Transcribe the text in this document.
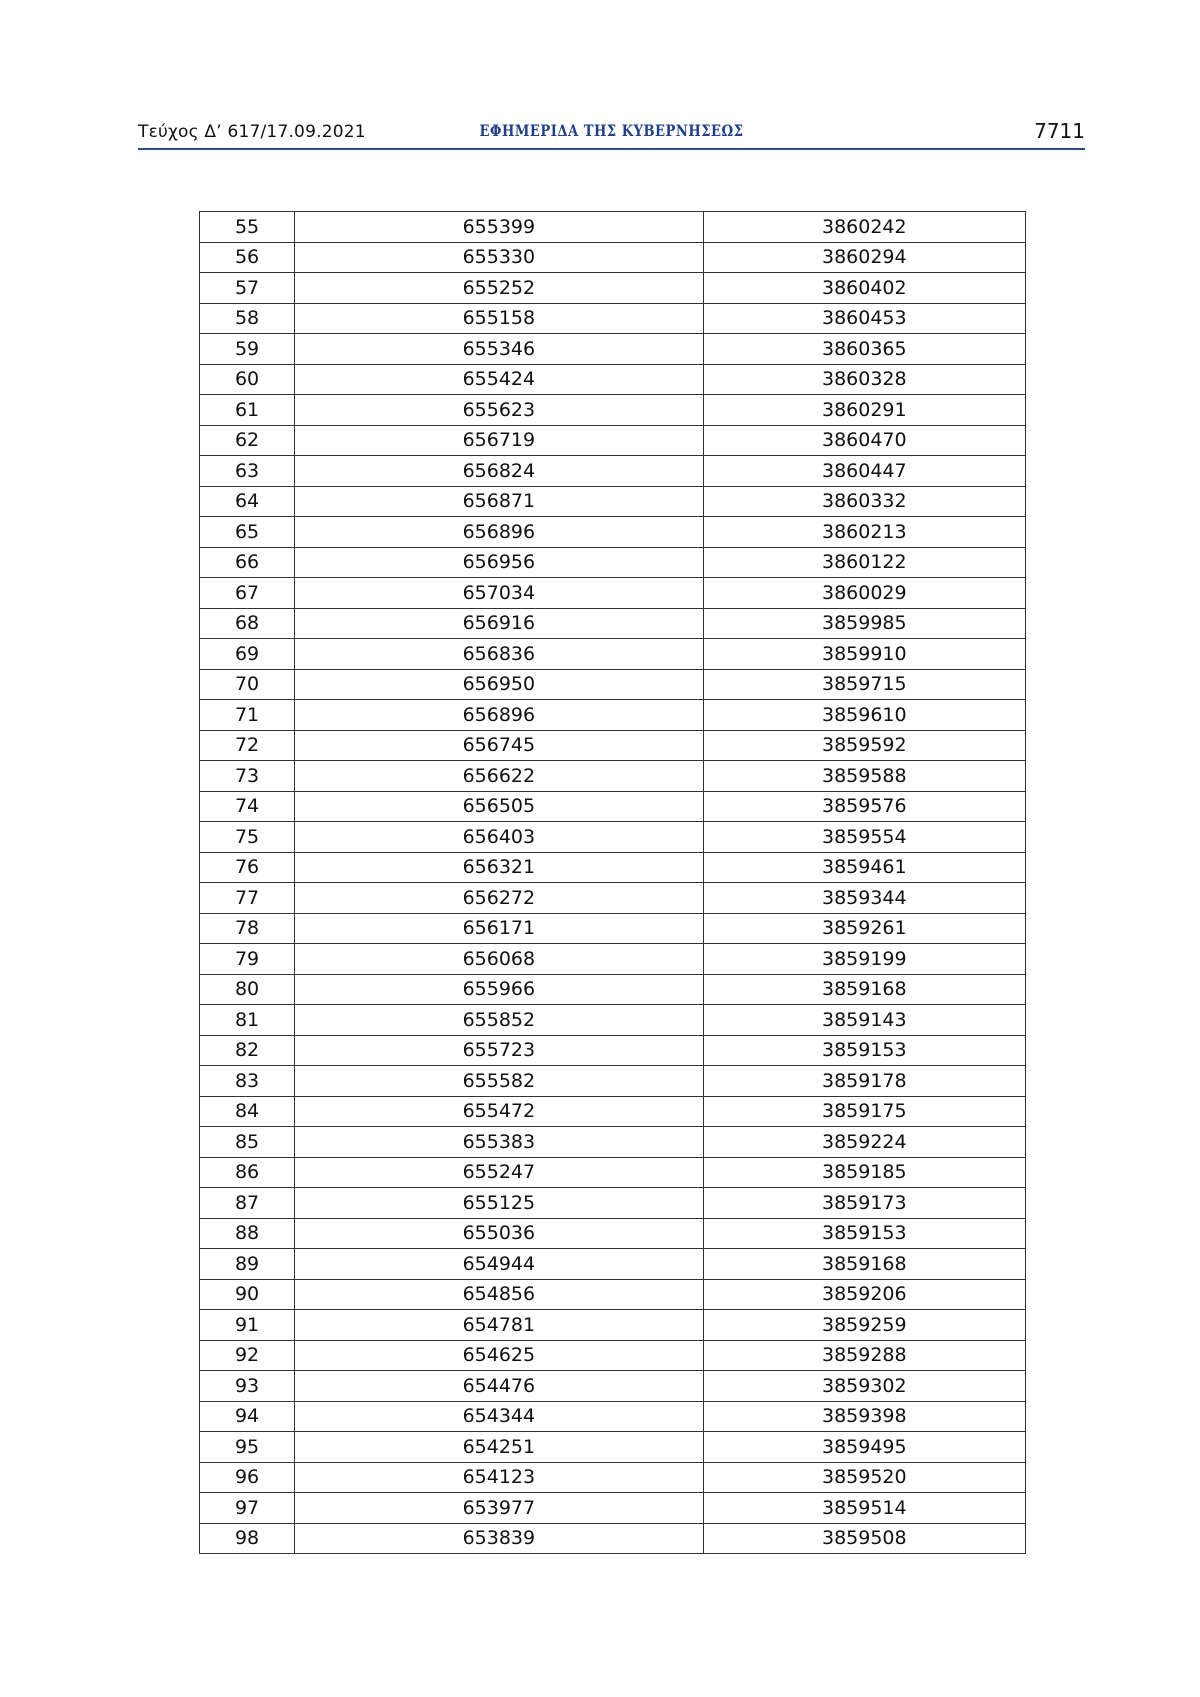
Τεύχος Δ’ 617/17.09.2021	ΕΦΗΜΕΡΙΔΑ ΤΗΣ ΚΥΒΕΡΝΗΣΕΩΣ	7711
55	655399	3860242
56	655330	3860294
57	655252	3860402
58	655158	3860453
59	655346	3860365
60	655424	3860328
61	655623	3860291
62	656719	3860470
63	656824	3860447
64	656871	3860332
65	656896	3860213
66	656956	3860122
67	657034	3860029
68	656916	3859985
69	656836	3859910
70	656950	3859715
71	656896	3859610
72	656745	3859592
73	656622	3859588
74	656505	3859576
75	656403	3859554
76	656321	3859461
77	656272	3859344
78	656171	3859261
79	656068	3859199
80	655966	3859168
81	655852	3859143
82	655723	3859153
83	655582	3859178
84	655472	3859175
85	655383	3859224
86	655247	3859185
87	655125	3859173
88	655036	3859153
89	654944	3859168
90	654856	3859206
91	654781	3859259
92	654625	3859288
93	654476	3859302
94	654344	3859398
95	654251	3859495
96	654123	3859520
97	653977	3859514
98	653839	3859508
